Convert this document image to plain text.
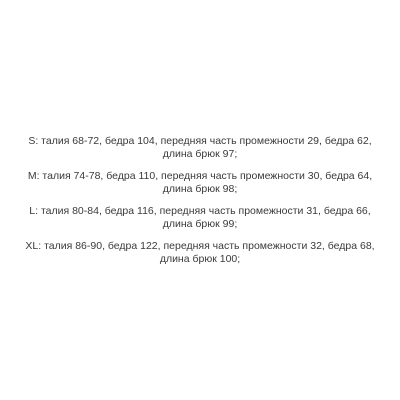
S: талия 68-72, бедра 104, передняя часть промежности 29, бедра 62, длина брюк 97;

M: талия 74-78, бедра 110, передняя часть промежности 30, бедра 64, длина брюк 98;

L: талия 80-84, бедра 116, передняя часть промежности 31, бедра 66, длина брюк 99;

XL: талия 86-90, бедра 122, передняя часть промежности 32, бедра 68, длина брюк 100;
